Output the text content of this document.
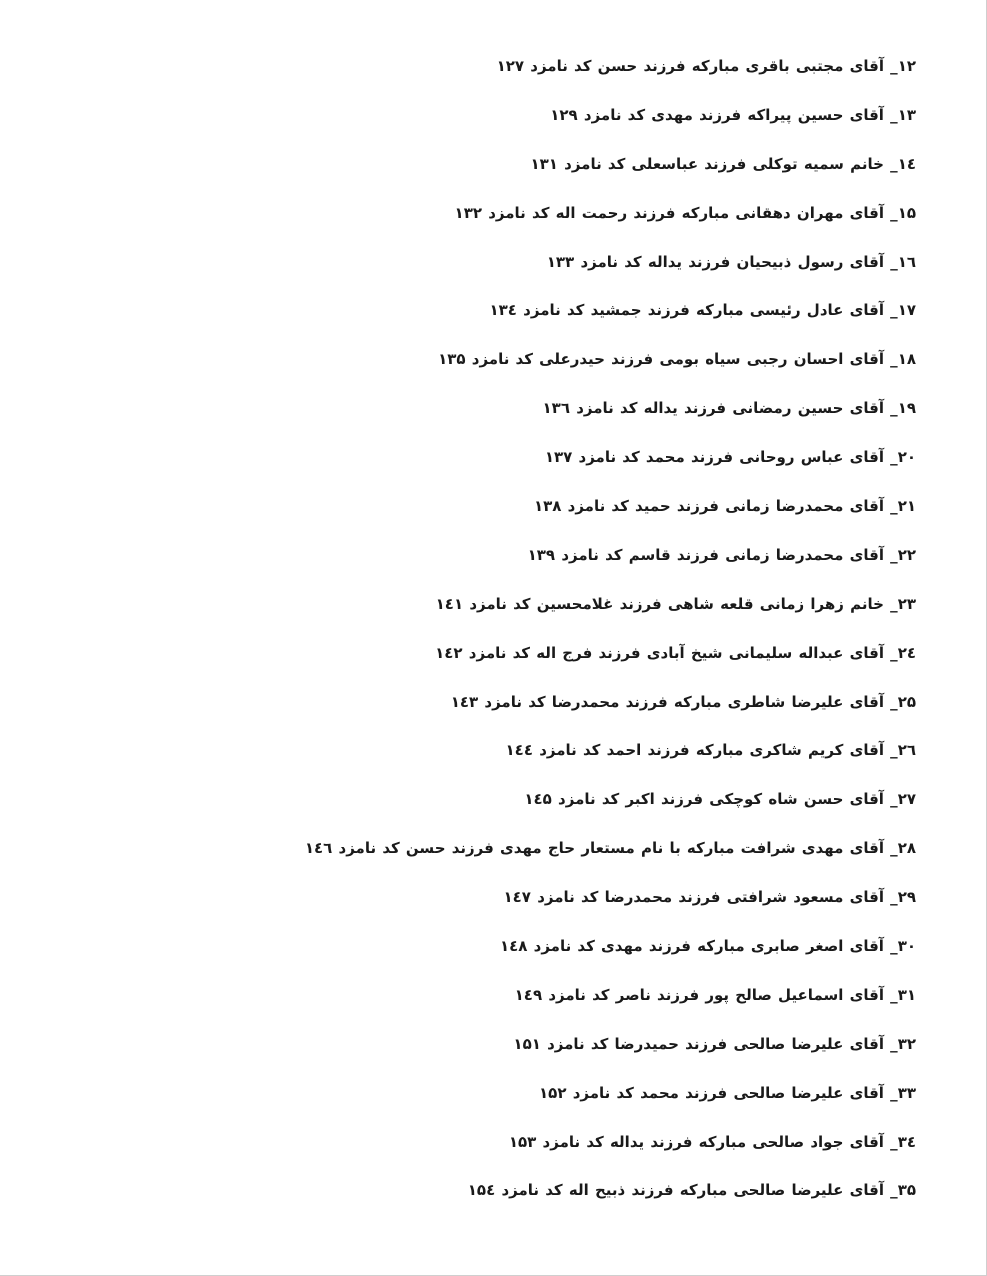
۱۲_ آقای مجتبی باقری مبارکه فرزند حسن کد نامزد ۱۲۷
۱۳_ آقای حسین پیراکه فرزند مهدی کد نامزد ۱۲۹
۱٤_ خانم سمیه توکلی فرزند عباسعلی کد نامزد ۱۳۱
۱۵_ آقای مهران دهقانی مبارکه فرزند رحمت اله کد نامزد ۱۳۲
۱٦_ آقای رسول ذبیحیان فرزند یداله کد نامزد ۱۳۳
۱۷_ آقای عادل رئیسی مبارکه فرزند جمشید کد نامزد ۱۳٤
۱۸_ آقای احسان رجبی سیاه بومی فرزند حیدرعلی کد نامزد ۱۳۵
۱۹_ آقای حسین رمضانی فرزند یداله کد نامزد ۱۳٦
۲۰_ آقای عباس روحانی فرزند محمد کد نامزد ۱۳۷
۲۱_ آقای محمدرضا زمانی فرزند حمید کد نامزد ۱۳۸
۲۲_ آقای محمدرضا زمانی فرزند قاسم کد نامزد ۱۳۹
۲۳_ خانم زهرا زمانی قلعه شاهی فرزند غلامحسین کد نامزد ۱٤۱
۲٤_ آقای عبداله سلیمانی شیخ آبادی فرزند فرج اله کد نامزد ۱٤۲
۲۵_ آقای علیرضا شاطری مبارکه فرزند محمدرضا کد نامزد ۱٤۳
۲٦_ آقای کریم شاکری مبارکه فرزند احمد کد نامزد ۱٤٤
۲۷_ آقای حسن شاه کوچکی فرزند اکبر کد نامزد ۱٤۵
۲۸_ آقای مهدی شرافت مبارکه با نام مستعار حاج مهدی فرزند حسن کد نامزد ۱٤٦
۲۹_ آقای مسعود شرافتی فرزند محمدرضا کد نامزد ۱٤۷
۳۰_ آقای اصغر صابری مبارکه فرزند مهدی کد نامزد ۱٤۸
۳۱_ آقای اسماعیل صالح پور فرزند ناصر کد نامزد ۱٤۹
۳۲_ آقای علیرضا صالحی فرزند حمیدرضا کد نامزد ۱۵۱
۳۳_ آقای علیرضا صالحی فرزند محمد کد نامزد ۱۵۲
۳٤_ آقای جواد صالحی مبارکه فرزند یداله کد نامزد ۱۵۳
۳۵_ آقای علیرضا صالحی مبارکه فرزند ذبیح اله کد نامزد ۱۵٤
